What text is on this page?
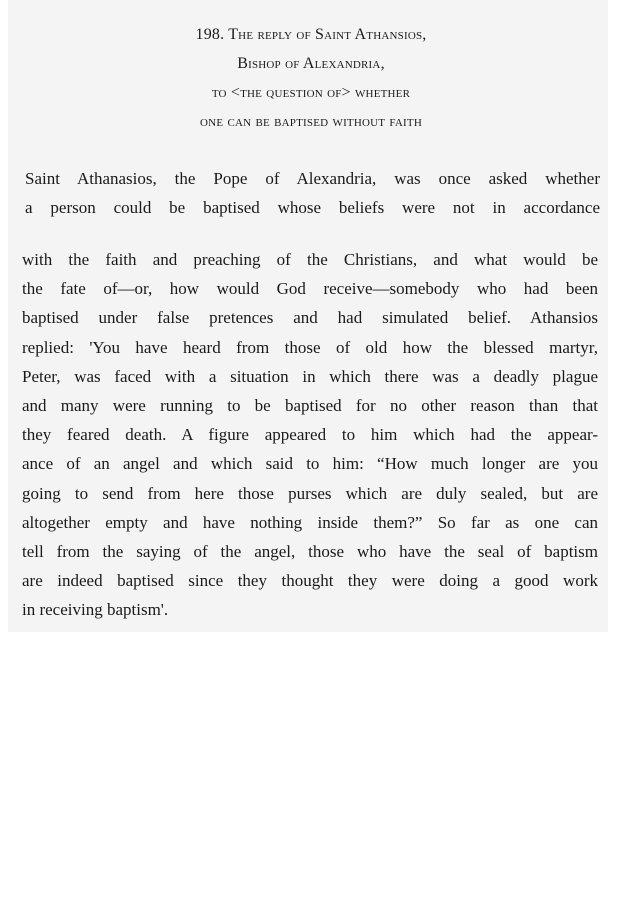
198. The reply of Saint Athansios,
Bishop of Alexandria,
to <the question of> whether
one can be baptised without faith
Saint Athanasios, the Pope of Alexandria, was once asked whether
a person could be baptised whose beliefs were not in accordance
with the faith and preaching of the Christians, and what would be
the fate of—or, how would God receive—somebody who had been
baptised under false pretences and had simulated belief. Athansios
replied: 'You have heard from those of old how the blessed martyr,
Peter, was faced with a situation in which there was a deadly plague
and many were running to be baptised for no other reason than that
they feared death. A figure appeared to him which had the appear-
ance of an angel and which said to him: “How much longer are you
going to send from here those purses which are duly sealed, but are
altogether empty and have nothing inside them?” So far as one can
tell from the saying of the angel, those who have the seal of baptism
are indeed baptised since they thought they were doing a good work
in receiving baptism'.
